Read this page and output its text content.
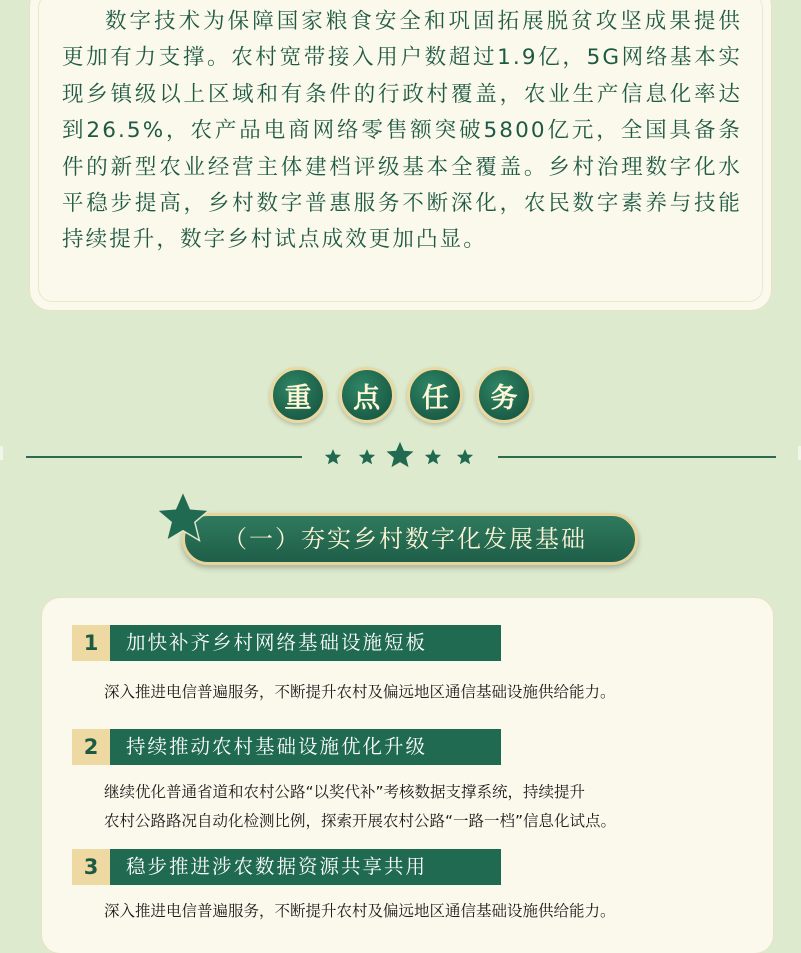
数字技术为保障国家粮食安全和巩固拓展脱贫攻坚成果提供更加有力支撑。农村宽带接入用户数超过1.9亿，5G网络基本实现乡镇级以上区域和有条件的行政村覆盖，农业生产信息化率达到26.5%，农产品电商网络零售额突破5800亿元，全国具备条件的新型农业经营主体建档评级基本全覆盖。乡村治理数字化水平稳步提高，乡村数字普惠服务不断深化，农民数字素养与技能持续提升，数字乡村试点成效更加凸显。

重	点	任	务
（一）夯实乡村数字化发展基础
1	加快补齐乡村网络基础设施短板

深入推进电信普遍服务，不断提升农村及偏远地区通信基础设施供给能力。

2	持续推动农村基础设施优化升级

继续优化普通省道和农村公路“以奖代补”考核数据支撑系统，持续提升

农村公路路况自动化检测比例，探索开展农村公路“一路一档”信息化试点。

3	稳步推进涉农数据资源共享共用

深入推进电信普遍服务，不断提升农村及偏远地区通信基础设施供给能力。
